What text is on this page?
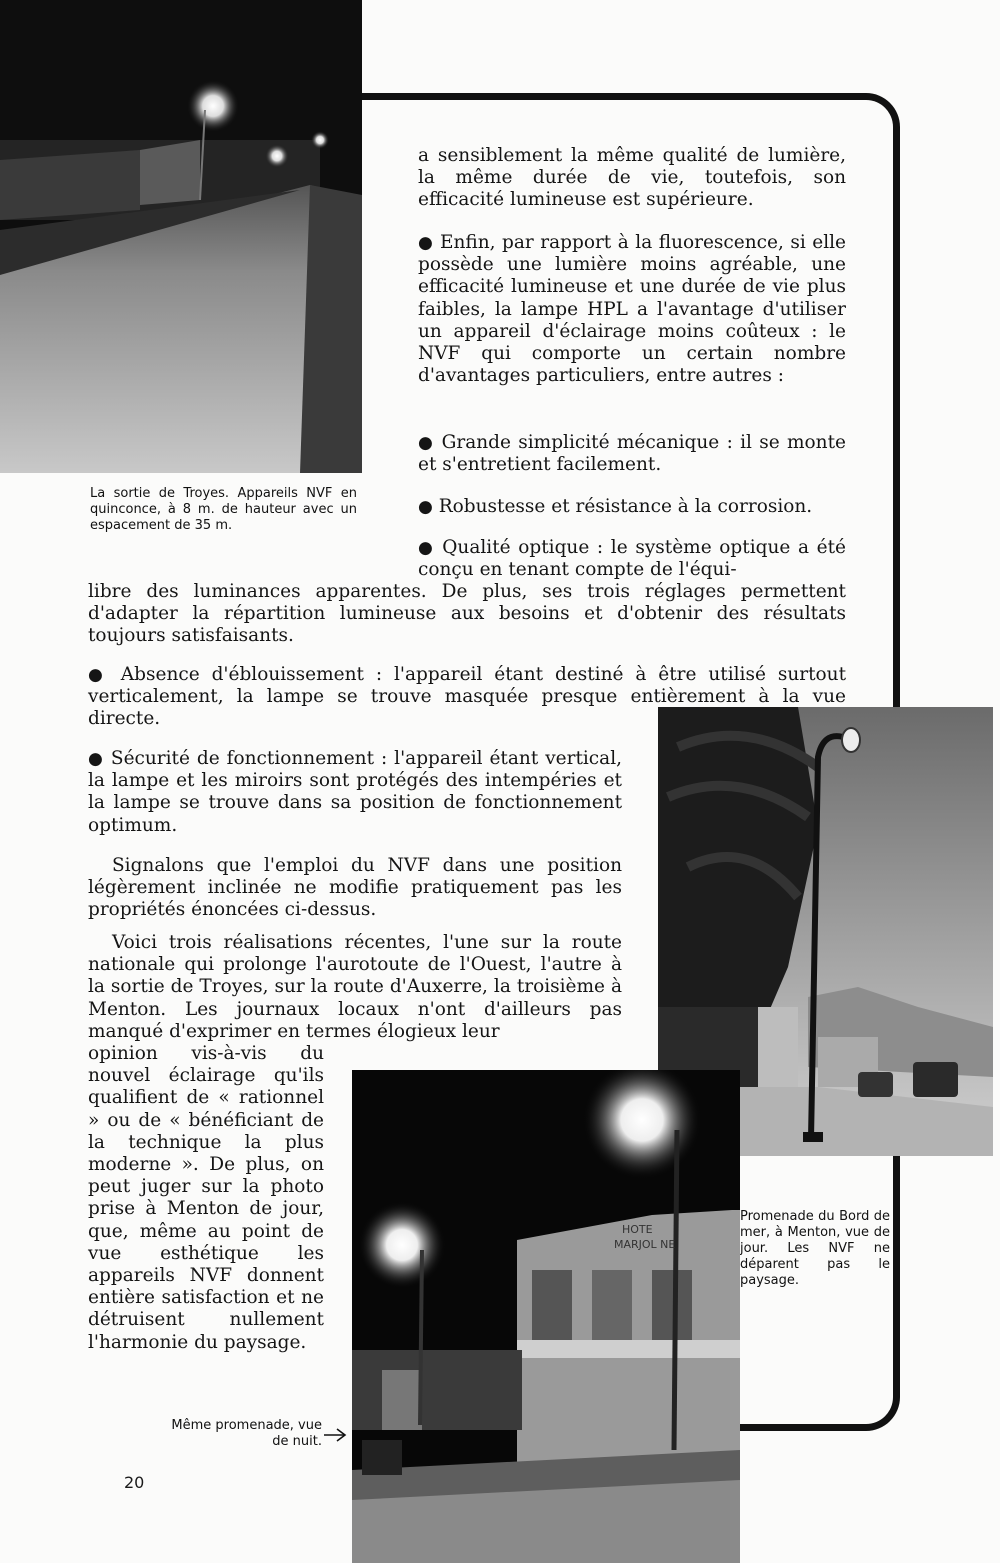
La sortie de Troyes. Appareils NVF en quinconce, à 8 m. de hauteur avec un espacement de 35 m.
Promenade du Bord de mer, à Menton, vue de jour. Les NVF ne déparent pas le paysage.
HOTE
MARJOL NE
Même promenade, vue de nuit.

a sensiblement la même qualité de lumière, la même durée de vie, toutefois, son efficacité lumineuse est supérieure.

● Enfin, par rapport à la fluorescence, si elle possède une lumière moins agréable, une efficacité lumineuse et une durée de vie plus faibles, la lampe HPL a l'avantage d'utiliser un appareil d'éclairage moins coûteux : le NVF qui comporte un certain nombre d'avantages particuliers, entre autres :

● Grande simplicité mécanique : il se monte et s'entretient facilement.

● Robustesse et résistance à la corrosion.

● Qualité optique : le système optique a été conçu en tenant compte de l'équi-

libre des luminances apparentes. De plus, ses trois réglages permettent d'adapter la répartition lumineuse aux besoins et d'obtenir des résultats toujours satisfaisants.

● Absence d'éblouissement : l'appareil étant destiné à être utilisé surtout verticalement, la lampe se trouve masquée presque entièrement à la vue directe.

● Sécurité de fonctionnement : l'appareil étant vertical, la lampe et les miroirs sont protégés des intempéries et la lampe se trouve dans sa position de fonctionnement optimum.

Signalons que l'emploi du NVF dans une position légèrement inclinée ne modifie pratiquement pas les propriétés énoncées ci-dessus.

Voici trois réalisations récentes, l'une sur la route nationale qui prolonge l'aurotoute de l'Ouest, l'autre à la sortie de Troyes, sur la route d'Auxerre, la troisième à Menton. Les journaux locaux n'ont d'ailleurs pas manqué d'exprimer en termes élogieux leur

opinion vis-à-vis du nouvel éclairage qu'ils qualifient de « rationnel » ou de « bénéficiant de la technique la plus moderne ». De plus, on peut juger sur la photo prise à Menton de jour, que, même au point de vue esthétique les appareils NVF donnent entière satisfaction et ne détruisent nullement l'harmonie du paysage.

20
